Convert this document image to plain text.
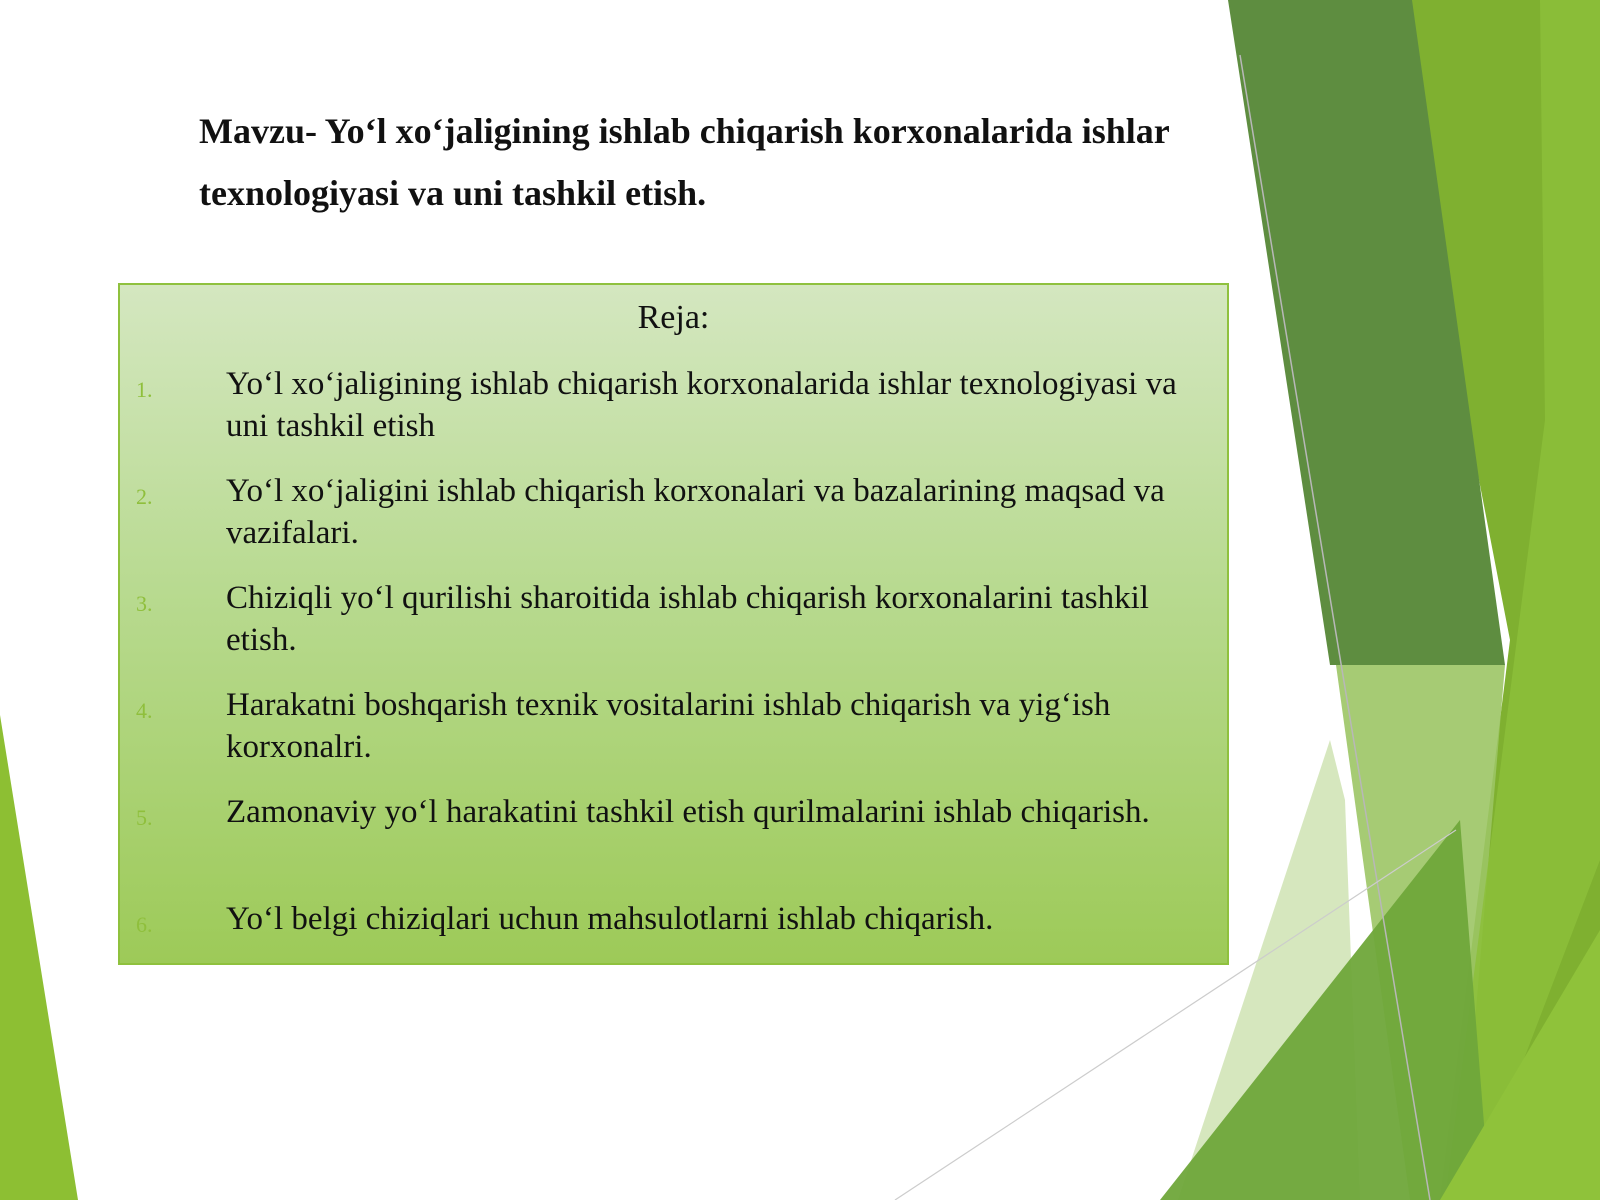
Mavzu- Yo‘l xo‘jaligining ishlab chiqarish korxonalarida ishlar texnologiyasi va uni tashkil etish.
Reja:
1. Yo‘l xo‘jaligining ishlab chiqarish korxonalarida ishlar texnologiyasi va uni tashkil etish
2. Yo‘l xo‘jaligini ishlab chiqarish korxonalari va bazalarining maqsad va vazifalari.
3. Chiziqli yo‘l qurilishi sharoitida ishlab chiqarish korxonalarini tashkil etish.
4. Harakatni boshqarish texnik vositalarini ishlab chiqarish va yig‘ish korxonalri.
5. Zamonaviy yo‘l harakatini tashkil etish qurilmalarini ishlab chiqarish.
6. Yo‘l belgi chiziqlari uchun mahsulotlarni ishlab chiqarish.
